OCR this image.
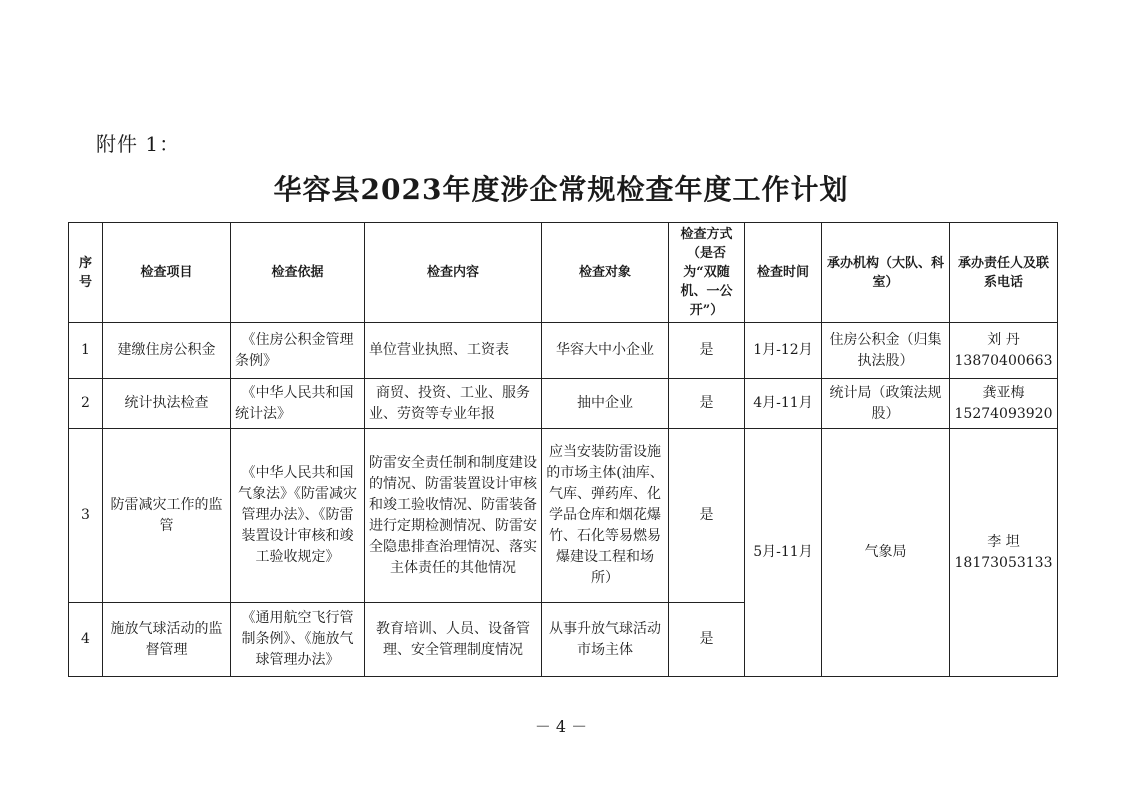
附件 1：
华容县2023年度涉企常规检查年度工作计划
序号	检查项目	检查依据	检查内容	检查对象	检查方式（是否为“双随机、一公开”）	检查时间	承办机构（大队、科室）	承办责任人及联系电话
1	建缴住房公积金	《住房公积金管理条例》	单位营业执照、工资表	华容大中小企业	是	1月-12月	住房公积金（归集执法股）	刘 丹
13870400663

2	统计执法检查	《中华人民共和国统计法》	商贸、投资、工业、服务业、劳资等专业年报	抽中企业	是	4月-11月	统计局（政策法规股）	龚亚梅
15274093920

3	防雷减灾工作的监管	《中华人民共和国气象法》《防雷减灾管理办法》、《防雷装置设计审核和竣工验收规定》	防雷安全责任制和制度建设的情况、防雷装置设计审核和竣工验收情况、防雷装备进行定期检测情况、防雷安全隐患排查治理情况、落实主体责任的其他情况	应当安装防雷设施的市场主体(油库、气库、弹药库、化学品仓库和烟花爆竹、石化等易燃易爆建设工程和场所）	是	5月-11月	气象局	李 坦
18173053133

4	施放气球活动的监督管理	《通用航空飞行管制条例》、《施放气球管理办法》	教育培训、人员、设备管理、安全管理制度情况	从事升放气球活动市场主体	是			
－ 4 －
